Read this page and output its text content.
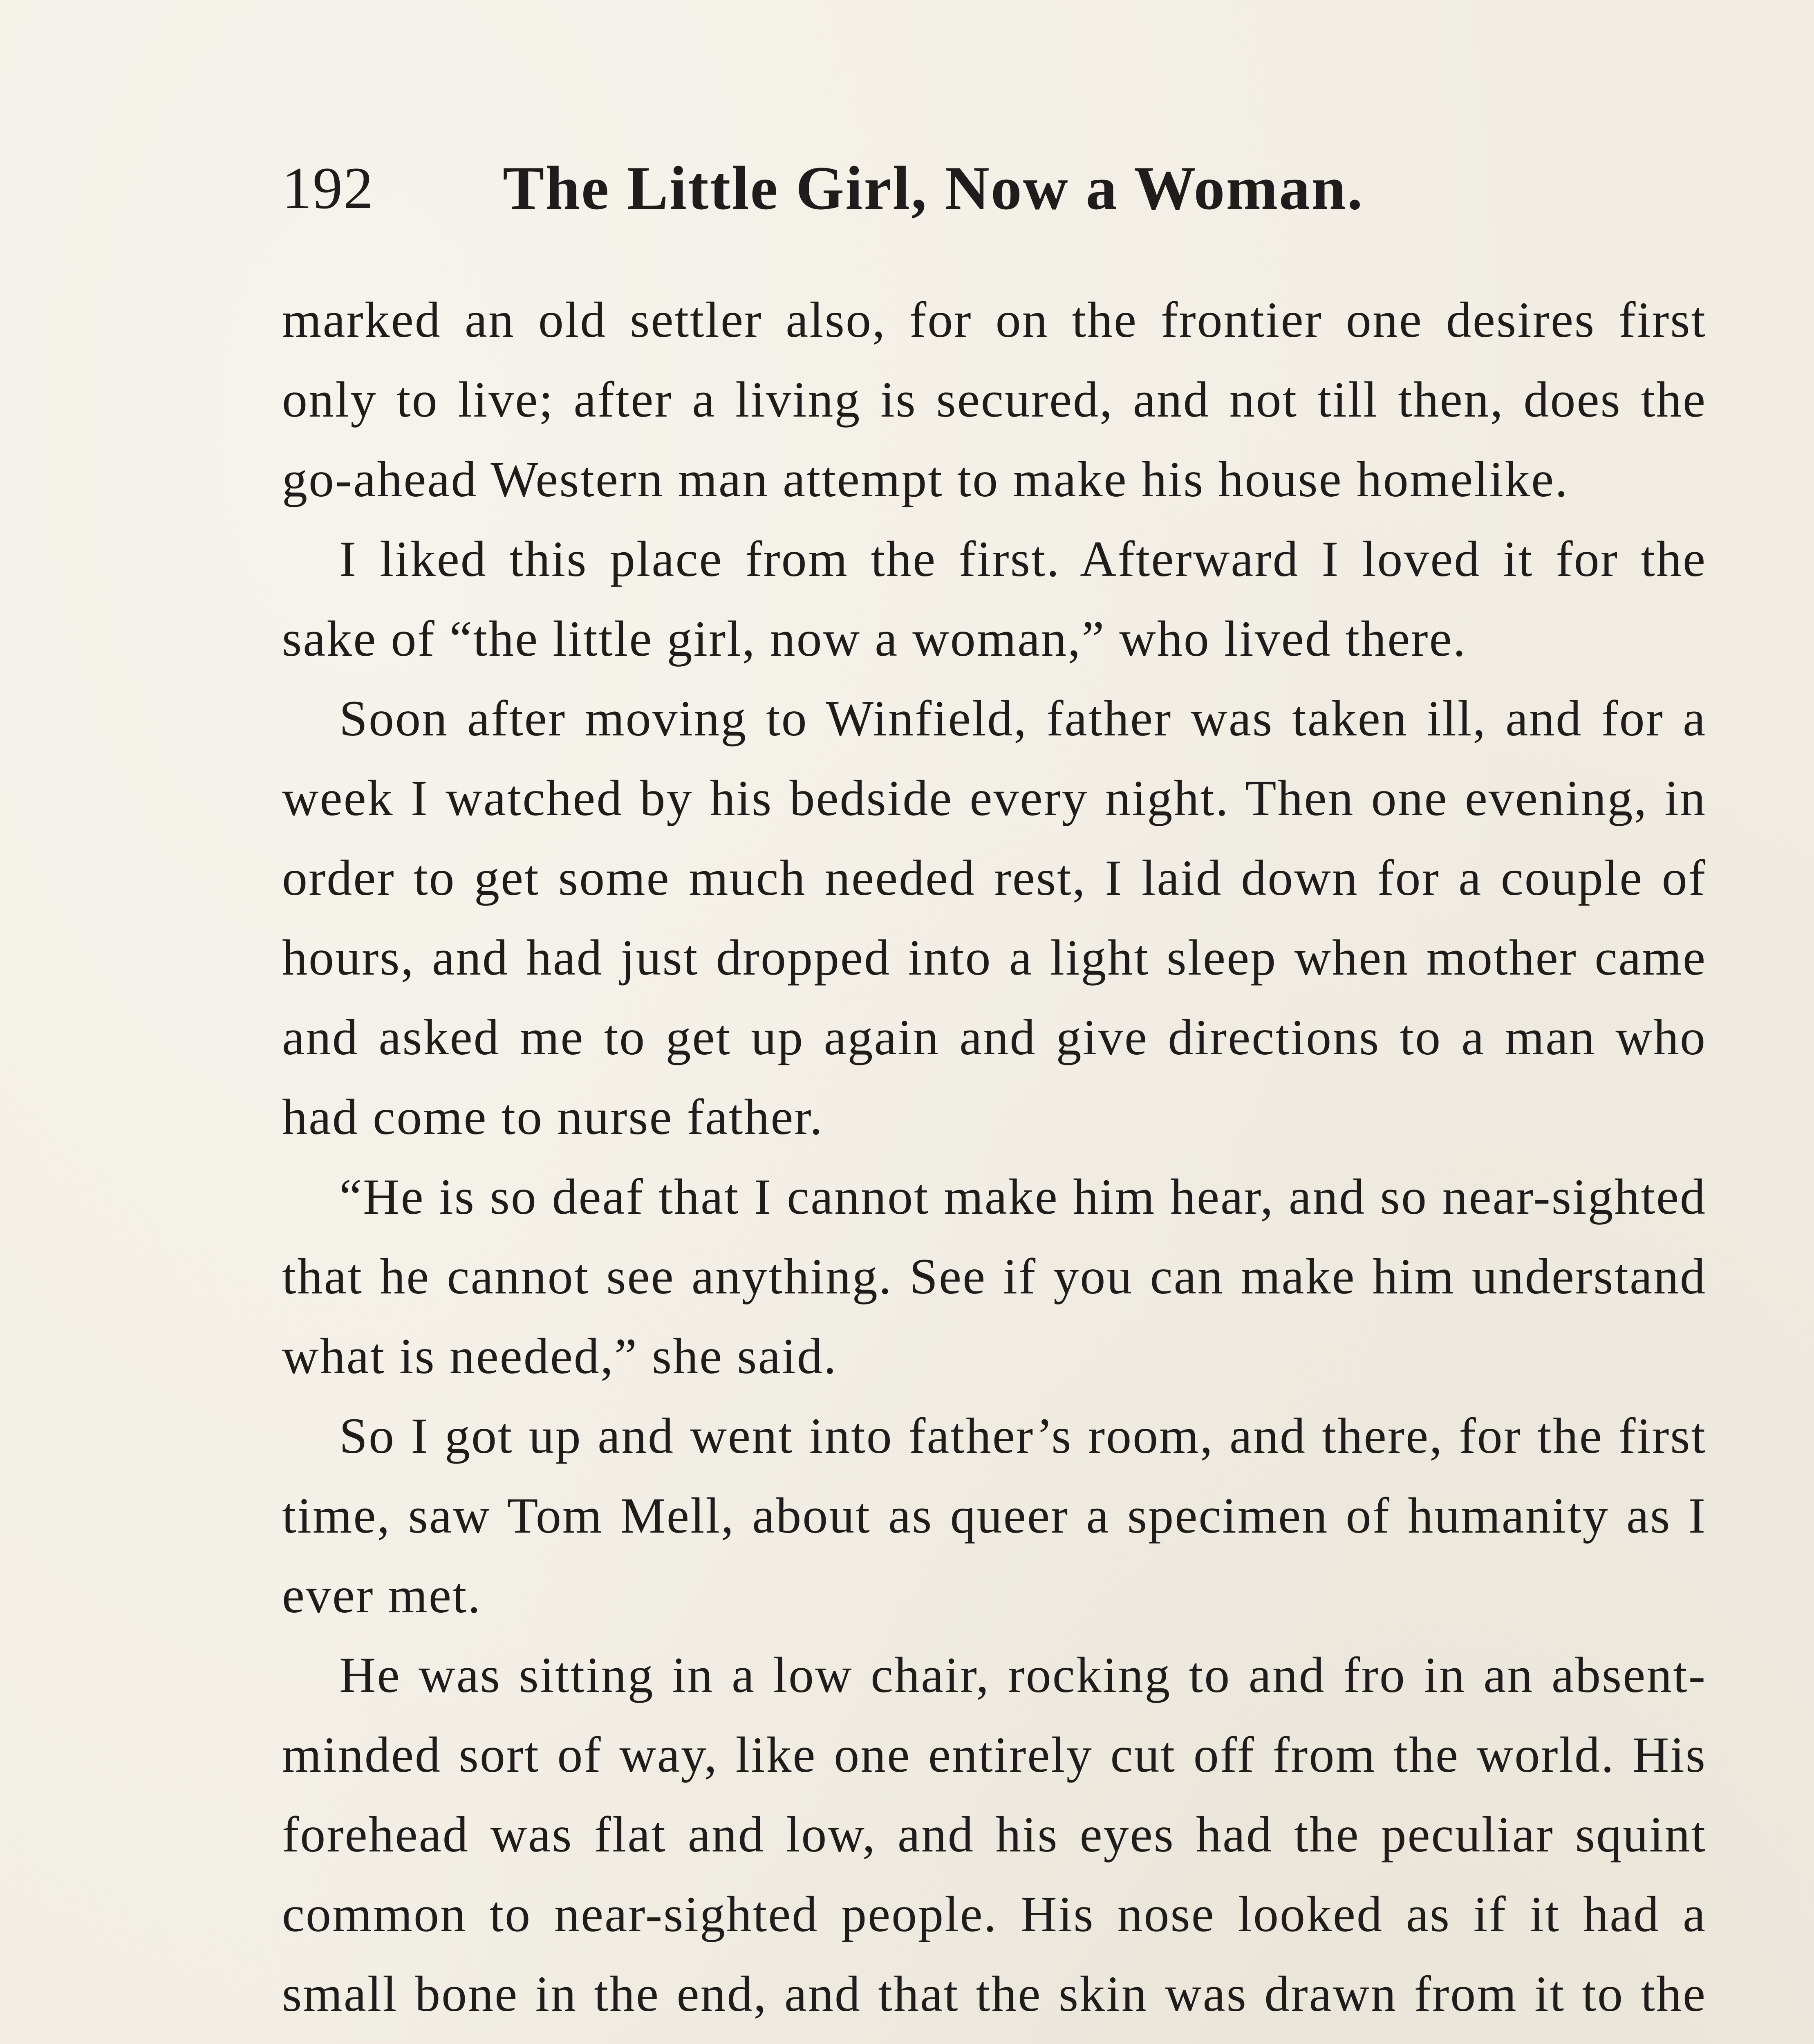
192 The Little Girl, Now a Woman.

marked an old settler also, for on the frontier one desires first only to live; after a living is secured, and not till then, does the go-ahead Western man attempt to make his house homelike.

I liked this place from the first. Afterward I loved it for the sake of “the little girl, now a woman,” who lived there.

Soon after moving to Winfield, father was taken ill, and for a week I watched by his bedside every night. Then one evening, in order to get some much needed rest, I laid down for a couple of hours, and had just dropped into a light sleep when mother came and asked me to get up again and give directions to a man who had come to nurse father.

“He is so deaf that I cannot make him hear, and so near-sighted that he cannot see anything. See if you can make him understand what is needed,” she said.

So I got up and went into father’s room, and there, for the first time, saw Tom Mell, about as queer a specimen of humanity as I ever met.

He was sitting in a low chair, rocking to and fro in an absent-minded sort of way, like one entirely cut off from the world. His forehead was flat and low, and his eyes had the peculiar squint common to near-sighted people. His nose looked as if it had a small bone in the end, and that the skin was drawn from it to the
